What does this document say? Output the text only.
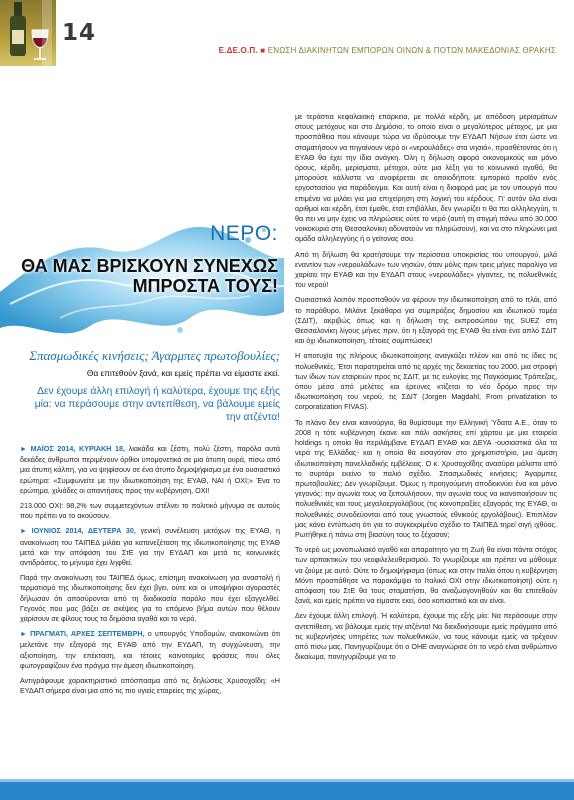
14
Ε.ΔΕ.Ο.Π. ■ ΕΝΩΣΗ ΔΙΑΚΙΝΗΤΩΝ ΕΜΠΟΡΩΝ ΟΙΝΩΝ & ΠΟΤΩΝ ΜΑΚΕΔΟΝΙΑΣ ΘΡΑΚΗΣ
ΝΕΡΟ:
ΘΑ ΜΑΣ ΒΡΙΣΚΟΥΝ ΣΥΝΕΧΩΣ ΜΠΡΟΣΤΑ ΤΟΥΣ!
Σπασμωδικές κινήσεις; Άγαρμπες πρωτοβουλίες;
Θα επιτεθούν ξανά, και εμείς πρέπει να είμαστε εκεί.
Δεν έχουμε άλλη επιλογή ή καλύτερα, έχουμε της εξής μία: να περάσουμε στην αντεπίθεση, να βάλουμε εμείς την ατζέντα!

► ΜΑΪΟΣ 2014, ΚΥΡΙΑΚΗ 18, λιακάδα και ζέστη, πολύ ζέστη, παρόλα αυτά δεκάδες άνθρωποι περιμένουν όρθιοι υπομονετικά σε μια άτυπη ουρά, πίσω από μια άτυπη κάλπη, για να ψηφίσουν σε ένα άτυπο δημοψήφισμα με ένα ουσιαστικό ερώτημα: «Συμφωνείτε με την ιδιωτικοποίηση της ΕΥΑΘ, ΝΑΙ ή ΟΧΙ;» Ένα το ερώτημα, χιλιάδες οι απαντήσεις προς την κυβέρνηση, ΟΧΙ!

213.000 ΟΧΙ: 98,2% των συμμετεχόντων στέλνει το πολιτικό μήνυμα σε αυτούς που πρέπει να το ακούσουν.

► ΙΟΥΝΙΟΣ 2014, ΔΕΥΤΕΡΑ 30, γενική συνέλευση μετόχων της ΕΥΑΘ, η ανακοίνωση του ΤΑΙΠΕΔ μιλάει για κατανεξέταση της ιδιωτικοποίησης της ΕΥΑΘ μετά και την απόφαση του ΣτΕ για την ΕΥΔΑΠ και μετά τις κοινωνικές αντιδράσεις, το μήνυμα έχει ληφθεί.

Παρά την ανακοίνωση του ΤΑΙΠΕΔ όμως, επίσημη ανακοίνωση για αναστολή ή τερματισμό της ιδιωτικοποίησης δεν έχει βγει, ούτε και οι υποψήφιοι αγοραστές δήλωσαν ότι αποσύρονται από τη διαδικασία παρόλο που έχει εξαγγελθεί. Γεγονός που μας βάζει σε σκέψεις για το επόμενο βήμα αυτών που θέλουν χαρίσουν σε φίλους τους τα δημόσια αγαθά και το νερό.

► ΠΡΑΓΜΑΤΙ, ΑΡΧΕΣ ΣΕΠΤΕΜΒΡΗ, ο υπουργός Υποδομών, ανακοινώνει ότι μελετάνε την εξαγορά της ΕΥΑΘ από την ΕΥΔΑΠ, τη συγχώνευση, την αξιοποίηση, την επέκταση, και τέτοιες καινοτομίες φράσεις που όλες φωτογραφίζουν ένα πράγμα την άμεση ιδιωτικοποίηση.

Αντιγράφουμε χαρακτηριστικό απόσπασμα από τις δηλώσεις Χρυσοχοΐδη: «Η ΕΥΔΑΠ σήμερα είναι μια από τις πιο υγιείς εταιρείες της χώρας,

με τεράστια κεφαλαιακή επάρκεια, με πολλά κέρδη, με απόδοση μερισμάτων στους μετόχους και στο Δημόσιο, το οποίο είναι ο μεγαλύτερος μέτοχος, με μια προσπάθεια που κάνουμε τώρα να ιδρύσουμε την ΕΥΔΑΠ Νήσων έτσι ώστε να σταματήσουν να πηγαίνουν νερό οι «νερουλάδες» στα νησιά», προσθέτοντας ότι η ΕΥΑΘ θα έχει την ίδια ανάγκη. Όλη η δήλωση αφορά οικονομικούς και μόνο όρους, κέρδη, μερίσματα, μέτοχοι, ούτε μια λέξη για το κοινωνικό αγαθό, θα μπορούσε κάλλιστα να αναφέρεται σε οποιοδήποτε εμπορικό προϊόν ενός εργοστασίου για παράδειγμα. Και αυτή είναι η διαφορά μας με τον υπουργό που επιμένει να μιλάει για μια επιχείρηση στη λογική του κέρδους. Γι' αυτόν όλα είναι αριθμοί και κέρδη, έτσι έμαθε, έτσι επιβάλλει, δεν γνωρίζει τι θα πει αλληλεγγύη, τι θα πει να μην έχεις να πληρώσεις ούτε το νερό (αυτή τη στιγμή πάνω από 30.000 νοικοκυριά στη Θεσσαλονίκη αδυνατούν να πληρώσουν), και να στο πληρώνει μια ομάδα αλληλεγγύης ή ο γείτονας σου.

Από τη δήλωση θα κρατήσουμε την περίσσεια υποκρισίας του υπουργού, μιλά εναντίον των «νερουλάδων» των νησιών, όταν μόλις πριν τρεις μήνες παραλίγο να χαρίσει την ΕΥΑΘ και την ΕΥΔΑΠ στους «νερουλάδες» γίγαντες, τις πολυεθνικές του νερού!

Ουσιαστικά λοιπόν προσπαθούν να φέρουν την ιδιωτικοποίηση από το πλάι, από το παράθυρο. Μιλάνε ξεκάθαρα για συμπράξεις δημοσίου και ιδιωτικού τομέα (ΣΔΙΤ), ακριβώς όπως και η δήλωση της εκπροσώπου της SUEZ στη Θεσσαλονίκη λίγους μήνες πριν, ότι η εξαγορά της ΕΥΑΘ θα είναι ένα απλό ΣΔΙΤ και όχι ιδιωτικοποίηση, τέτοιες συμπτώσεις!

Η αποτυχία της πλήρους ιδιωτικοποίησης αναγκάζει πλέον και από τις ίδιες τις πολυεθνικές. Έτσι παρατηρείται από τις αρχές της δεκαετίας του 2000, μια στροφή των ίδιων των εταιρειών προς τις ΣΔΙΤ, με τις ευλογίες της Παγκόσμιας Τράπεζας, όπου μέσα από μελέτες και έρευνες κτίζεται το νέο δρόμο προς την ιδιωτικοποίηση του νερού, τις ΣΔΙΤ (Jorgen Magdahl, From privatization to corporatization FIVAS).

Το πλάνο δεν είναι καινούργιο, θα θυμίσουμε την Ελληνική Ύδατα Α.Ε., όταν το 2008 η τότε κυβέρνηση έκανε και πάλι ασκήσεις επί χάρτου με μια εταιρεία holdings η οποία θα περιλάμβανε ΕΥΔΑΠ ΕΥΑΘ και ΔΕΥΑ -ουσιαστικά όλα τα νερά της Ελλάδας- και η οποία θα εισαγόταν στο χρηματιστήριο, μια άμεση ιδιωτικοποίηση πανελλαδικής εμβέλειας. Ο κ. Χρυσοχοΐδης ανασύρει μάλιστα από το συρτάρι εκείνο το παλιό σχέδιο. Σπασμωδικές κινήσεις; Άγαρμπες πρωτοβουλίες; Δεν γνωρίζουμε. Όμως η προηγούμενη αποδεικνύει ένα και μόνο γεγονός: την αγωνία τους να ξεπουλήσουν, την αγωνία τους να ικανοποιήσουν τις πολυεθνικές και τους μεγαλοεργολάβους (τις κοινοπραξίες εξαγοράς της ΕΥΑΘ, οι πολυεθνικές συνοδεύονται από τους γνωστούς εθνικούς εργολάβους). Επιπλέον μας κάνει εντύπωση ότι για το συγκεκριμένο σχέδιο το ΤΑΙΠΕΔ τηρεί σιγή ιχθύος. Ρωτήθηκε ή πάνω στη βιασύνη τους το ξέχασαν;

Το νερό ως μονοπωλιακό αγαθό και απαραίτητο για τη Ζωή θα είναι πάντα στόχος των αρπακτικών του νεοφιλελευθερισμού. Το γνωρίζουμε και πρέπει να μάθουμε να ζούμε με αυτό. Ούτε το δημοψήφισμα (όπως και στην Ιταλία όπου η κυβέρνηση Μόντι προσπάθησε να παρακάμψει το Ιταλικό ΟΧΙ στην ιδιωτικοποίηση) ούτε η απόφαση του ΣτΕ θα τους σταματήσει, θα αναζωογονηθούν και θα επιτεθούν ξανά, και εμείς πρέπει να είμαστε εκεί, όσο κοπιαστικό και αν είναι.

Δεν έχουμε άλλη επιλογή. Ή καλύτερα, έχουμε της εξής μία: Να περάσουμε στην αντεπίθεση, να βάλουμε εμείς την ατζέντα! Να διεκδικήσουμε εμείς πράγματα από τις κυβερνήσεις υπηρέτες των πολυεθνικών, να τους κάνουμε εμείς να τρέχουν από πίσω μας. Πανηγυρίζουμε ότι ο ΟΗΕ αναγνώρισε ότι το νερό είναι ανθρώπινο δικαίωμα, πανηγυρίζουμε για το
